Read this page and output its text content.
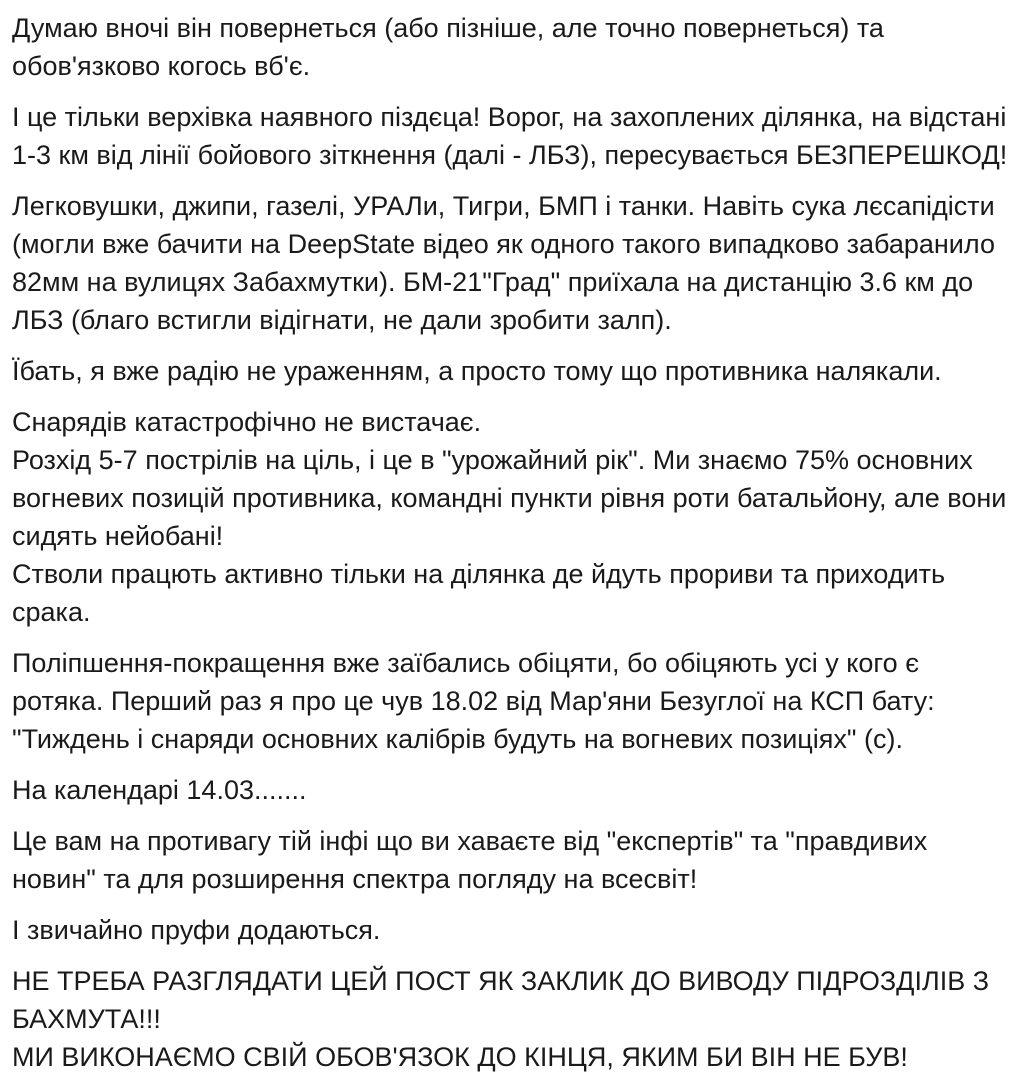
Думаю вночі він повернеться (або пізніше, але точно повернеться) та обов'язково когось вб'є.
І це тільки верхівка наявного піздєца! Ворог, на захоплених ділянка, на відстані 1-3 км від лінії бойового зіткнення (далі - ЛБЗ), пересувається БЕЗПЕРЕШКОД!
Легковушки, джипи, газелі, УРАЛи, Тигри, БМП і танки. Навіть сука лєсапідісти (могли вже бачити на DeepState відео як одного такого випадково забаранило 82мм на вулицях Забахмутки). БМ-21"Град" приїхала на дистанцію 3.6 км до ЛБЗ (благо встигли відігнати, не дали зробити залп).
Їбать, я вже радію не ураженням, а просто тому що противника налякали.
Снарядів катастрофічно не вистачає.
Розхід 5-7 пострілів на ціль, і це в "урожайний рік". Ми знаємо 75% основних вогневих позицій противника, командні пункти рівня роти батальйону, але вони сидять нейобані!
Стволи працють активно тільки на ділянка де йдуть прориви та приходить срака.
Поліпшення-покращення вже заїбались обіцяти, бо обіцяють усі у кого є ротяка. Перший раз я про це чув 18.02 від Мар'яни Безуглої на КСП бату: "Тиждень і снаряди основних калібрів будуть на вогневих позиціях" (с).
На календарі 14.03.......
Це вам на противагу тій інфі що ви хаваєте від "експертів" та "правдивих новин" та для розширення спектра погляду на всесвіт!
І звичайно пруфи додаються.
НЕ ТРЕБА РАЗГЛЯДАТИ ЦЕЙ ПОСТ ЯК ЗАКЛИК ДО ВИВОДУ ПІДРОЗДІЛІВ З БАХМУТА!!!
МИ ВИКОНАЄМО СВІЙ ОБОВ'ЯЗОК ДО КІНЦЯ, ЯКИМ БИ ВІН НЕ БУВ!
